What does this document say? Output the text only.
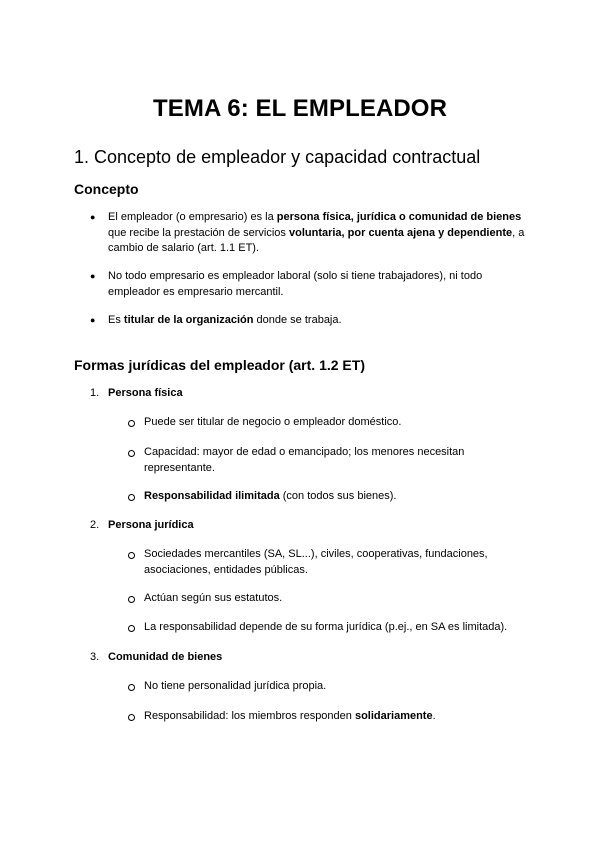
TEMA 6: EL EMPLEADOR
1. Concepto de empleador y capacidad contractual
Concepto
● El empleador (o empresario) es la persona física, jurídica o comunidad de bienes que recibe la prestación de servicios voluntaria, por cuenta ajena y dependiente, a cambio de salario (art. 1.1 ET).
● No todo empresario es empleador laboral (solo si tiene trabajadores), ni todo empleador es empresario mercantil.
● Es titular de la organización donde se trabaja.
Formas jurídicas del empleador (art. 1.2 ET)
1. Persona física
Puede ser titular de negocio o empleador doméstico.
Capacidad: mayor de edad o emancipado; los menores necesitan representante.
Responsabilidad ilimitada (con todos sus bienes).
2. Persona jurídica
Sociedades mercantiles (SA, SL...), civiles, cooperativas, fundaciones, asociaciones, entidades públicas.
Actúan según sus estatutos.
La responsabilidad depende de su forma jurídica (p.ej., en SA es limitada).
3. Comunidad de bienes
No tiene personalidad jurídica propia.
Responsabilidad: los miembros responden solidariamente.
